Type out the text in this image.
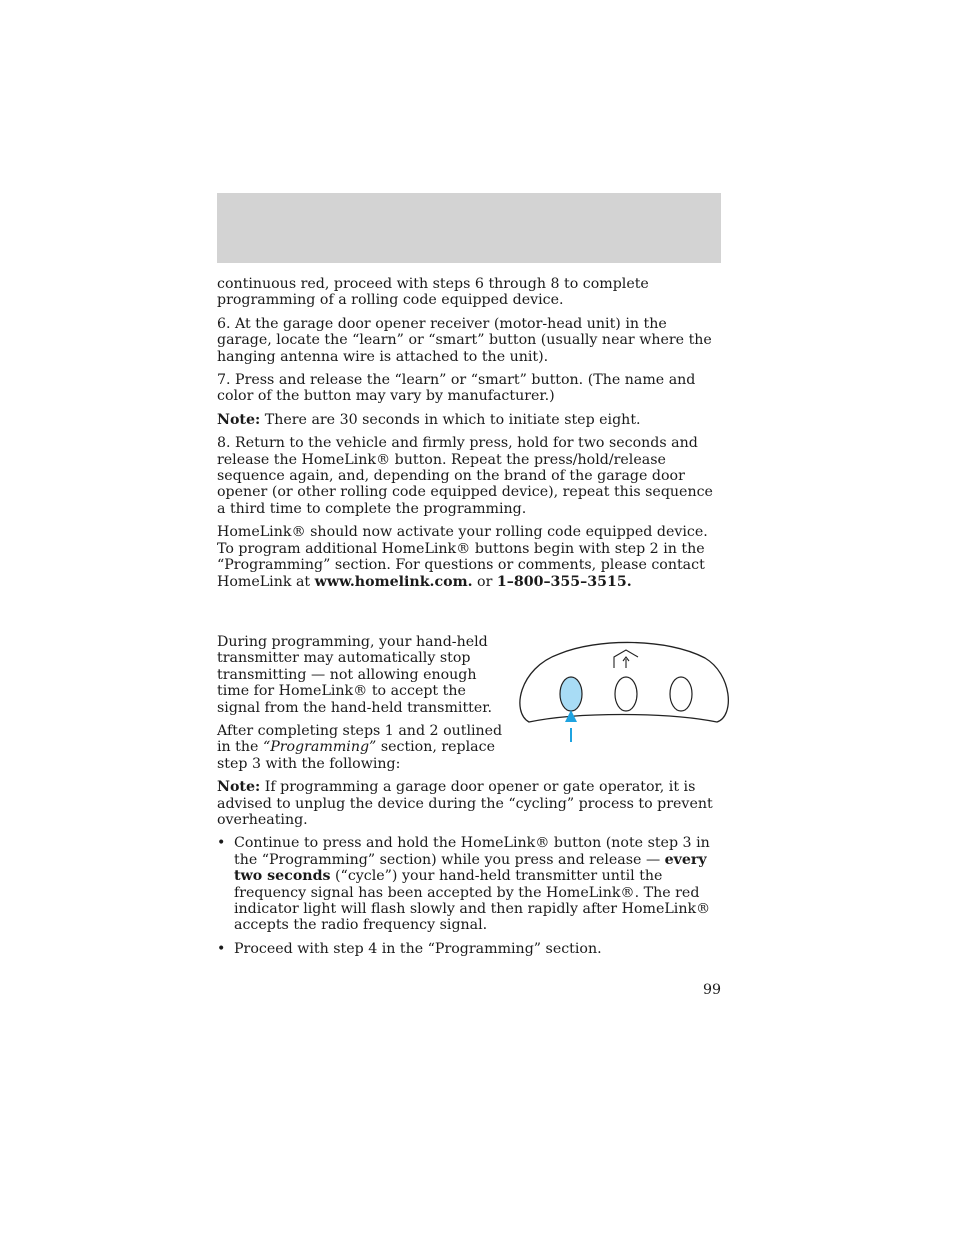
continuous red, proceed with steps 6 through 8 to complete programming of a rolling code equipped device.

6. At the garage door opener receiver (motor-head unit) in the garage, locate the “learn” or “smart” button (usually near where the hanging antenna wire is attached to the unit).

7. Press and release the “learn” or “smart” button. (The name and color of the button may vary by manufacturer.)

Note: There are 30 seconds in which to initiate step eight.

8. Return to the vehicle and firmly press, hold for two seconds and release the HomeLink® button. Repeat the press/hold/release sequence again, and, depending on the brand of the garage door opener (or other rolling code equipped device), repeat this sequence a third time to complete the programming.

HomeLink® should now activate your rolling code equipped device. To program additional HomeLink® buttons begin with step 2 in the “Programming” section. For questions or comments, please contact HomeLink at www.homelink.com. or 1–800–355–3515.

During programming, your hand-held transmitter may automatically stop transmitting — not allowing enough time for HomeLink® to accept the signal from the hand-held transmitter.

After completing steps 1 and 2 outlined in the “Programming” section, replace step 3 with the following:

Note: If programming a garage door opener or gate operator, it is advised to unplug the device during the “cycling” process to prevent overheating.

• Continue to press and hold the HomeLink® button (note step 3 in the “Programming” section) while you press and release — every two seconds (“cycle”) your hand-held transmitter until the frequency signal has been accepted by the HomeLink®. The red indicator light will flash slowly and then rapidly after HomeLink® accepts the radio frequency signal.
• Proceed with step 4 in the “Programming” section.
99
